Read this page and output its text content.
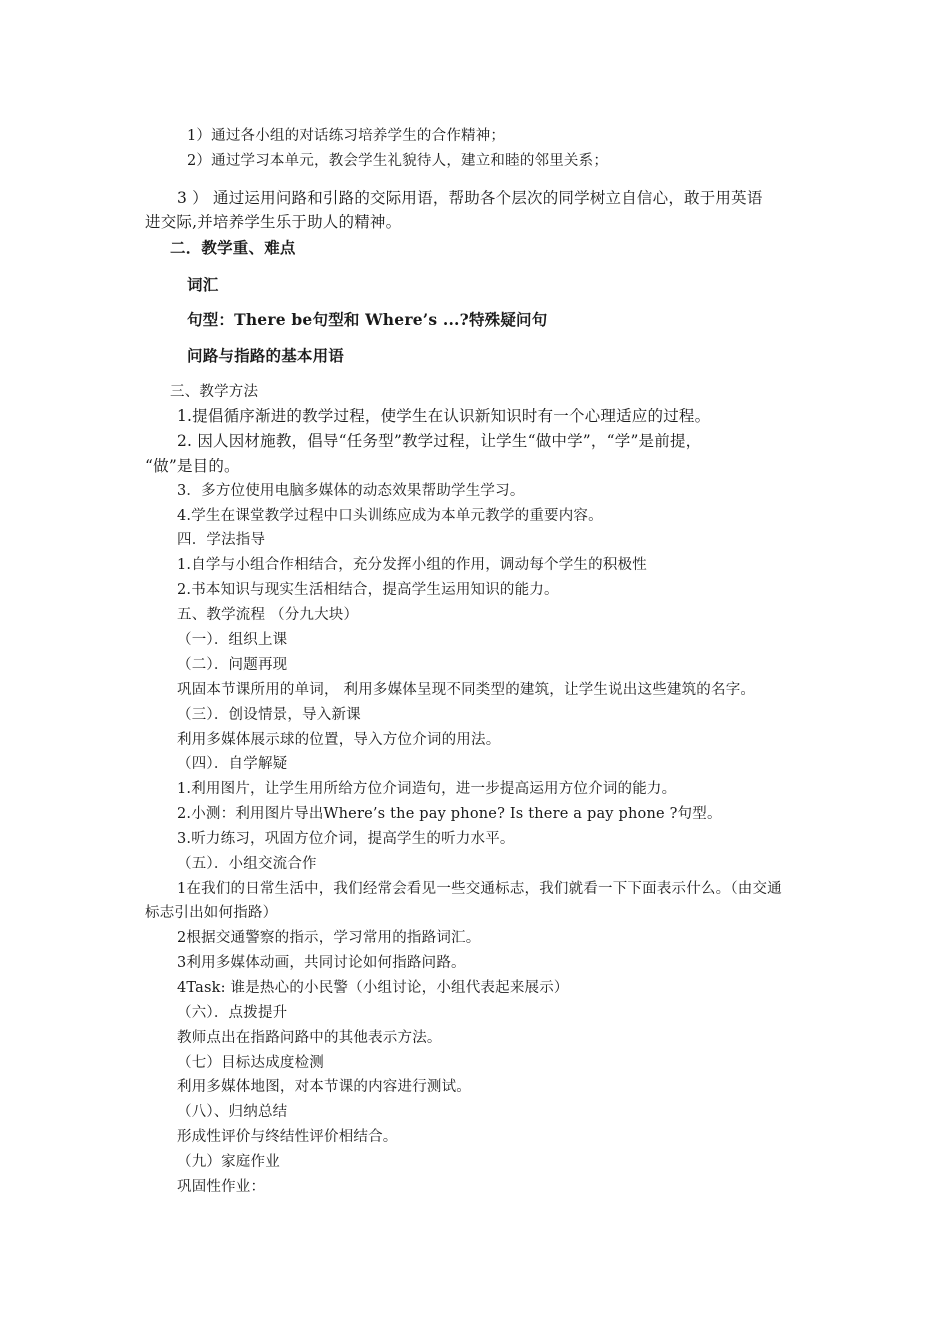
1）通过各小组的对话练习培养学生的合作精神；
2）通过学习本单元，教会学生礼貌待人，建立和睦的邻里关系；
3 ） 通过运用问路和引路的交际用语，帮助各个层次的同学树立自信心，敢于用英语
进交际,并培养学生乐于助人的精神。
二．教学重、难点
词汇
句型：There be句型和 Where’s ...?特殊疑问句
问路与指路的基本用语
三、教学方法
1.提倡循序渐进的教学过程，使学生在认识新知识时有一个心理适应的过程。
2. 因人因材施教，倡导“任务型”教学过程，让学生“做中学”，“学”是前提，
“做”是目的。
3．多方位使用电脑多媒体的动态效果帮助学生学习。
4.学生在课堂教学过程中口头训练应成为本单元教学的重要内容。
四．学法指导
1.自学与小组合作相结合，充分发挥小组的作用，调动每个学生的积极性
2.书本知识与现实生活相结合，提高学生运用知识的能力。
五、教学流程 （分九大块）
（一）．组织上课
（二）．问题再现
巩固本节课所用的单词， 利用多媒体呈现不同类型的建筑，让学生说出这些建筑的名字。
（三）．创设情景，导入新课
利用多媒体展示球的位置，导入方位介词的用法。
（四）．自学解疑
1.利用图片，让学生用所给方位介词造句，进一步提高运用方位介词的能力。
2.小测：利用图片导出Where’s the pay phone? Is there a pay phone ?句型。
3.听力练习，巩固方位介词，提高学生的听力水平。
（五）．小组交流合作
1在我们的日常生活中，我们经常会看见一些交通标志，我们就看一下下面表示什么。（由交通
标志引出如何指路）
2根据交通警察的指示，学习常用的指路词汇。
3利用多媒体动画，共同讨论如何指路问路。
4Task: 谁是热心的小民警（小组讨论，小组代表起来展示）
（六）．点拨提升
教师点出在指路问路中的其他表示方法。
（七）目标达成度检测
利用多媒体地图，对本节课的内容进行测试。
（八）、归纳总结
形成性评价与终结性评价相结合。
（九）家庭作业
巩固性作业：
